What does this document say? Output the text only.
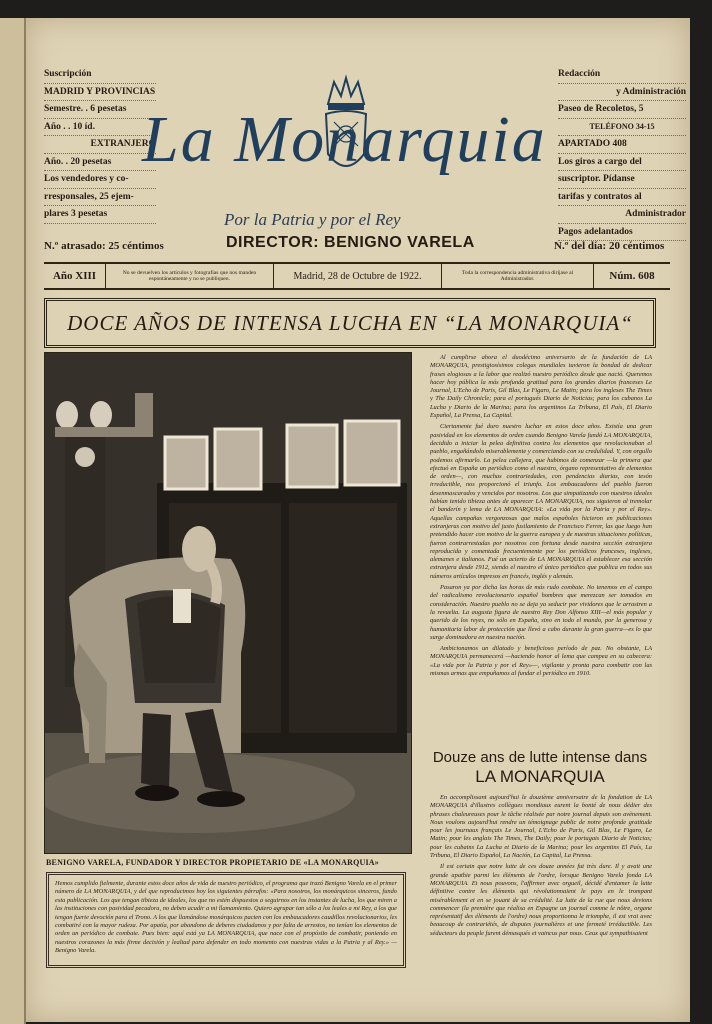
Suscripción
MADRID Y PROVINCIAS
Semestre. . 6 pesetas
Año . . 10 íd.
EXTRANJERO
Año. . 20 pesetas
Los vendedores y co-
rresponsales, 25 ejem-
plares 3 pesetas
La Monarquia
Por la Patria y por el Rey
DIRECTOR: BENIGNO VARELA
N.º atrasado: 25 céntimos	N.º del día: 20 céntimos
Redacción
y Administración
Paseo de Recoletos, 5
TELÉFONO 34-15
APARTADO 408
Los giros a cargo del
suscriptor. Pídanse
tarifas y contratos al
Administrador
Pagos adelantados
Año XIII	No se devuelven los artículos y fotografías que nos manden espontáneamente y no se publiquen.	Madrid, 28 de Octubre de 1922.	Toda la correspondencia administrativa diríjase al Administrador.	Núm. 608
DOCE AÑOS DE INTENSA LUCHA EN “LA MONARQUIA“
BENIGNO VARELA, FUNDADOR Y DIRECTOR PROPIETARIO DE «LA MONARQUIA»
Hemos cumplido fielmente, durante estos doce años de vida de nuestro periódico, el programa que trazó Benigno Varela en el primer número de LA MONARQUIA, y del que reproducimos hoy los siguientes párrafos: «Para nosotros, los monárquicos sinceros, fundo esta publicación. Los que tengan tibieza de ideales, los que no estén dispuestos a seguirnos en los instantes de lucha, los que miren a las instituciones con pasividad pecadora, no deben acudir a mi llamamiento. Quiero agrupar tan sólo a los leales a mi Rey, a los que tengan fuerte devoción para el Trono. A los que llamándose monárquicos pacten con los embaucadores caudillos revolucionarios, les combatiré con la mayor rudeza. Por apatía, por abandono de deberes ciudadanos y por falta de arrestos, no tenían los elementos de orden un periódico de combate. Pues bien: aquí está ya LA MONARQUIA, que nace con el propósito de combatir, poniendo en nuestros corazones la más firme decisión y lealtad para defender en todo momento con nuestras vidas a la Patria y al Rey.» —Benigno Varela.

Al cumplirse ahora el duodécimo aniversario de la fundación de LA MONARQUIA, prestigiosísimos colegas mundiales tuvieron la bondad de dedicar frases elogiosas a la labor que realizó nuestro periódico desde que nació. Queremos hacer hoy pública la más profunda gratitud para los grandes diarios franceses Le Journal, L'Echo de Paris, Gil Blas, Le Figaro, Le Matin; para los ingleses The Times y The Daily Chronicle; para el portugués Diario de Noticias; para los cubanos La Lucha y Diario de la Marina; para los argentinos La Tribuna, El País, El Diario Español, La Prensa, La Capital.

Ciertamente fué duro nuestro luchar en estos doce años. Existía una gran pasividad en los elementos de orden cuando Benigno Varela fundó LA MONARQUIA, decidido a iniciar la pelea definitiva contra los elementos que revolucionaban el pueblo, engañándolo miserablemente y comerciando con su credulidad. Y, con orgullo podemos afirmarlo. La pelea callejera, que hubimos de comenzar —la primera que efectuó en España un periódico como el nuestro, órgano representativo de elementos de orden—, con muchas contrariedades, con pendencias diarias, con tesón irreductible, nos proporcionó el triunfo. Los embaucadores del pueblo fueron desenmascarados y vencidos por nosotros. Los que simpatizando con nuestros ideales habían tenido tibieza antes de aparecer LA MONARQUIA, nos siguieron al tremolar el banderín y lema de LA MONARQUIA: «La vida por la Patria y por el Rey». Aquellas campañas vergonzosas que malos españoles hicieron en publicaciones extranjeras con motivo del justo fusilamiento de Francisco Ferrer, las que luego han pretendido hacer con motivo de la guerra europea y de nuestras situaciones políticas, fueron contrarrestadas por nosotros con fortuna desde nuestra sección extranjera reproducida y comentada frecuentemente por los periódicos franceses, ingleses, alemanes e italianos. Fué un acierto de LA MONARQUIA el establecer esa sección extranjera desde 1912, siendo el nuestro el único periódico que publica en todos sus números artículos impresos en francés, inglés y alemán.

Pasaron ya por dicha las horas de más rudo combate. No tenemos en el campo del radicalismo revolucionario español hombres que merezcan ser tomados en consideración. Nuestro pueblo no se deja ya seducir por vividores que le arrastren a la revuelta. La augusta figura de nuestro Rey Don Alfonso XIII—el más popular y querido de los reyes, no sólo en España, sino en todo el mundo, por la generosa y humanitaria labor de protección que llevó a cabo durante la gran guerra—es lo que surge dominadora en nuestra nación.

Ambicionamos un dilatado y beneficioso período de paz. No obstante, LA MONARQUIA permanecerá —haciendo honor al lema que campea en su cabecera: «La vida por la Patria y por el Rey»—, vigilante y pronta para combatir con las mismas armas que empuñamos al fundar el periódico en 1910.

Douze ans de lutte intense dans
LA MONARQUIA

En accomplissant aujourd'hui le douzième anniversaire de la fondation de LA MONARQUIA d'illustres collègues mondiaux eurent la bonté de nous dédier des phrases chaleureuses pour le tâche réalisée par notre journal depuis son avènement. Nous voulons aujourd'hui rendre un témoignage public de notre profonde gratitude pour les journaux français Le Journal, L'Echo de Paris, Gil Blas, Le Figaro, Le Matin; pour les anglais The Times, The Daily; pour le portugais Diario de Noticias; pour les cubains La Lucha et Diario de la Marina; pour les argentins El País, La Tribuna, El Diario Español, La Nación, La Capital, La Prensa.

Il est certain que notre lutte de ces douze années fut très dure. Il y avait une grande apathie parmi les éléments de l'ordre, lorsque Benigno Varela fonda LA MONARQUIA. Et nous pouvons, l'affirmer avec orgueil, décidé d'entamer la lutte définitive contre les éléments qui révolutionnaient le pays en le trompant misérablement et en se jouant de sa crédulité. La lutte de la rue que nous devions commencer (la première que réalisa en Espagne un journal comme le nôtre, organe représentatif des éléments de l'ordre) nous proportionna le triomphe, il est vrai avec beaucoup de contrariétés, de disputes journalières et une fermeté irréductible. Les séducteurs du peuple furent démasqués et vaincus par nous. Ceux qui sympathisaient
